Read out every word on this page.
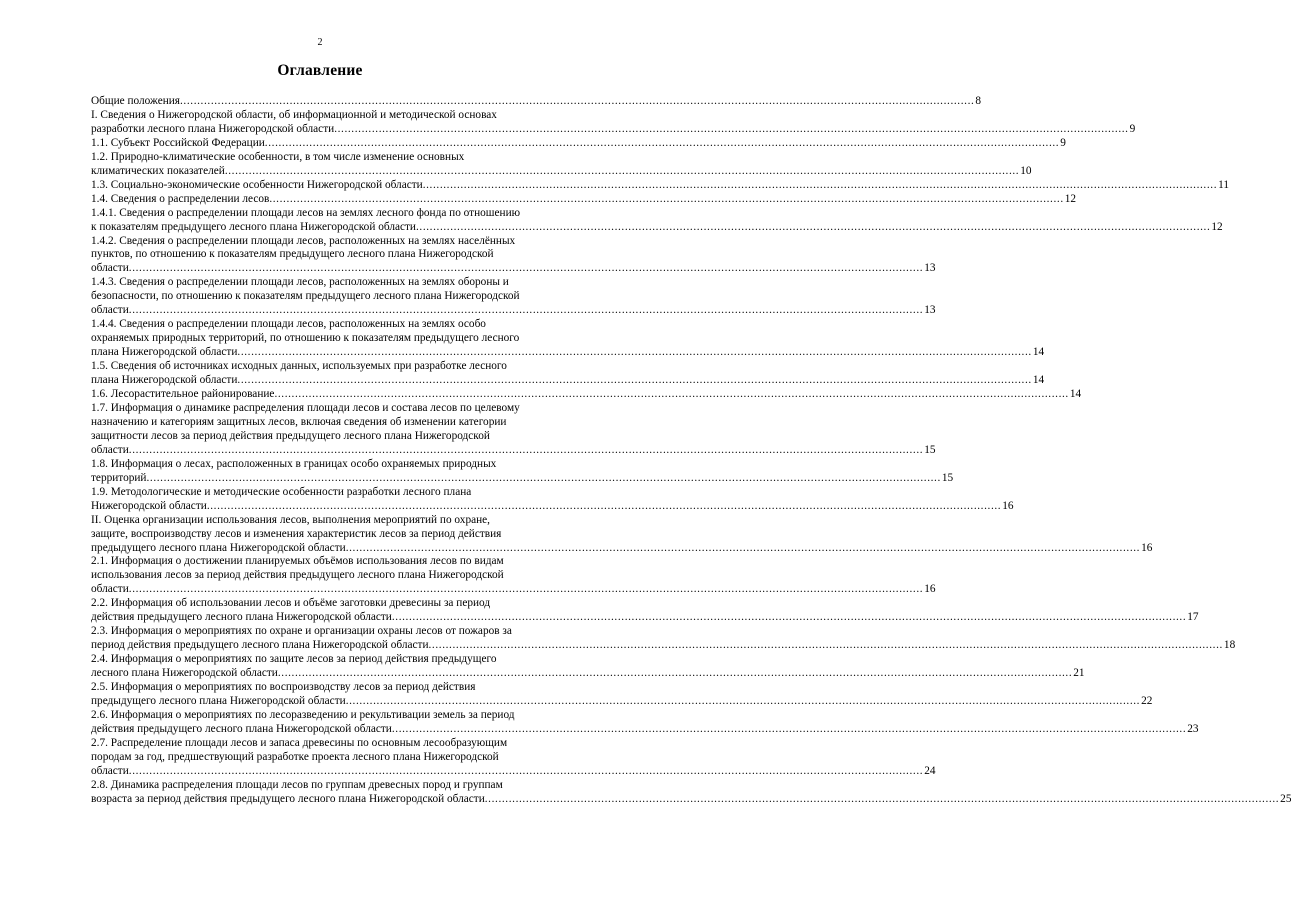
2
Оглавление
Общие положения .....	8
I. Сведения о Нижегородской области, об информационной и методической основах
разработки лесного плана Нижегородской области .....	9
1.1. Субъект Российской Федерации .....	9
1.2. Природно-климатические особенности, в том числе изменение основных
климатических показателей .....	10
1.3. Социально-экономические особенности Нижегородской области .....	11
1.4. Сведения о распределении лесов .....	12
1.4.1. Сведения о распределении площади лесов на землях лесного фонда по отношению
к показателям предыдущего лесного плана Нижегородской области .....	12
1.4.2. Сведения о распределении площади лесов, расположенных на землях населённых
пунктов, по отношению к показателям предыдущего лесного плана Нижегородской
области .....	13
1.4.3. Сведения о распределении площади лесов, расположенных на землях обороны и
безопасности, по отношению к показателям предыдущего лесного плана Нижегородской
области .....	13
1.4.4. Сведения о распределении площади лесов, расположенных на землях особо
охраняемых природных территорий, по отношению к показателям предыдущего лесного
плана Нижегородской области .....	14
1.5. Сведения об источниках исходных данных, используемых при разработке лесного
плана Нижегородской области .....	14
1.6. Лесорастительное районирование .....	14
1.7. Информация о динамике распределения площади лесов и состава лесов по целевому
назначению и категориям защитных лесов, включая сведения об изменении категории
защитности лесов за период действия предыдущего лесного плана Нижегородской
области .....	15
1.8. Информация о лесах, расположенных в границах особо охраняемых природных
территорий .....	15
1.9. Методологические и методические особенности разработки лесного плана
Нижегородской области .....	16
II. Оценка организации использования лесов, выполнения мероприятий по охране,
защите, воспроизводству лесов и изменения характеристик лесов за период действия
предыдущего лесного плана Нижегородской области .....	16
2.1. Информация о достижении планируемых объёмов использования лесов по видам
использования лесов за период действия предыдущего лесного плана Нижегородской
области .....	16
2.2. Информация об использовании лесов и объёме заготовки древесины за период
действия предыдущего лесного плана Нижегородской области .....	17
2.3. Информация о мероприятиях по охране и организации охраны лесов от пожаров за
период действия предыдущего лесного плана Нижегородской области .....	18
2.4. Информация о мероприятиях по защите лесов за период действия предыдущего
лесного плана Нижегородской области .....	21
2.5. Информация о мероприятиях по воспроизводству лесов за период действия
предыдущего лесного плана Нижегородской области .....	22
2.6. Информация о мероприятиях по лесоразведению и рекультивации земель за период
действия предыдущего лесного плана Нижегородской области .....	23
2.7. Распределение площади лесов и запаса древесины по основным лесообразующим
породам за год, предшествующий разработке проекта лесного плана Нижегородской
области .....	24
2.8. Динамика распределения площади лесов по группам древесных пород и группам
возраста за период действия предыдущего лесного плана Нижегородской области .....	25
